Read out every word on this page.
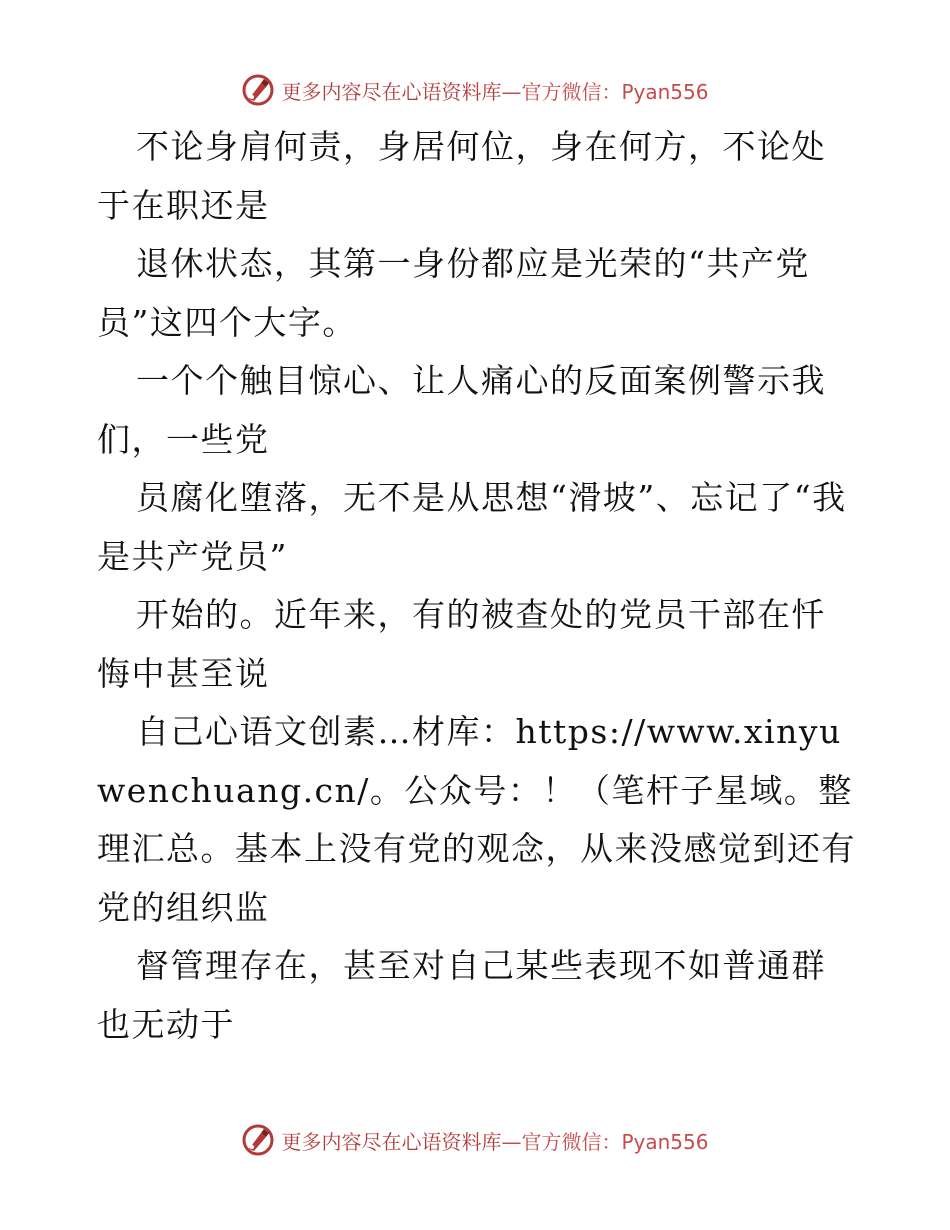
更多内容尽在心语资料库—官方微信：Pyan556

不论身肩何责，身居何位，身在何方，不论处于在职还是

退休状态，其第一身份都应是光荣的“共产党员”这四个大字。

一个个触目惊心、让人痛心的反面案例警示我们，一些党

员腐化堕落，无不是从思想“滑坡”、忘记了“我是共产党员”

开始的。近年来，有的被查处的党员干部在忏悔中甚至说

自己心语文创素…材库：https://www.xinyuwenchuang.cn/。公众号：！（笔杆子星域。整理汇总。基本上没有党的观念，从来没感觉到还有党的组织监

督管理存在，甚至对自己某些表现不如普通群也无动于

更多内容尽在心语资料库—官方微信：Pyan556
